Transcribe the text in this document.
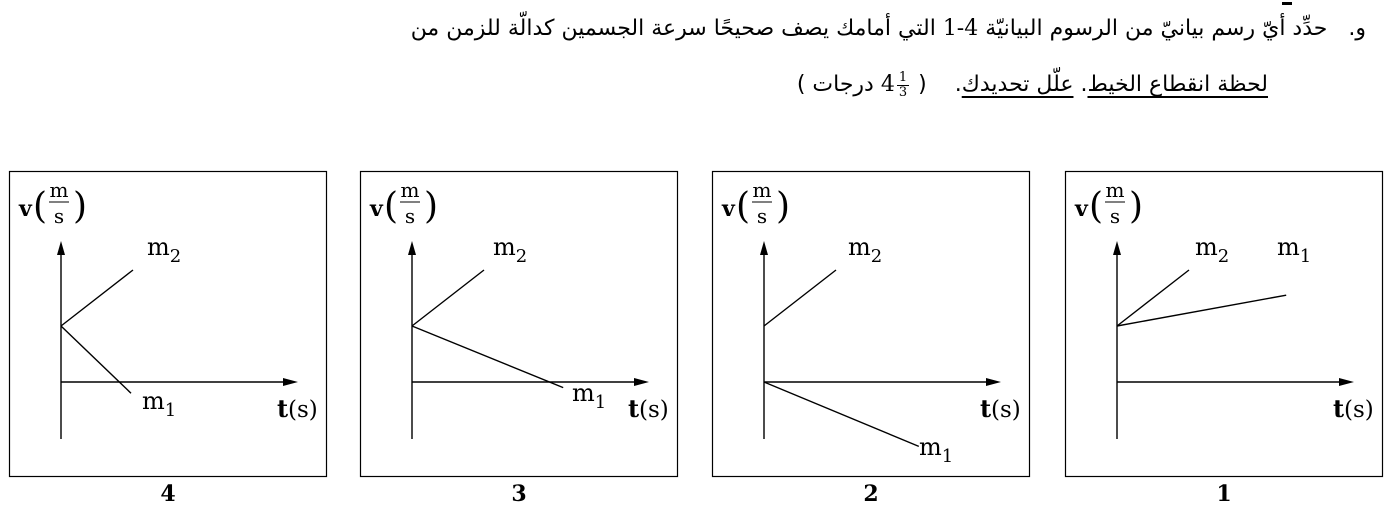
و. حدِّد أيّ رسم بيانيّ من الرسوم البيانيّة 1-4 التي أمامك يصف صحيحًا سرعة الجسمين كدالّة للزمن من
لحظة انقطاع الخيط. علّل تحديدك.  ( $4 \frac{1}{3}$
درجات )
v ( m
s )
t (s)
$m_2$
$m_1$
v ( m
s )
t (s)
$m_2$
$m_1$
v ( m
s )
t (s)
$m_2$
$m_1$
v ( m
s )
t (s)
$m_2$ $m_1$
4	3	2	1
